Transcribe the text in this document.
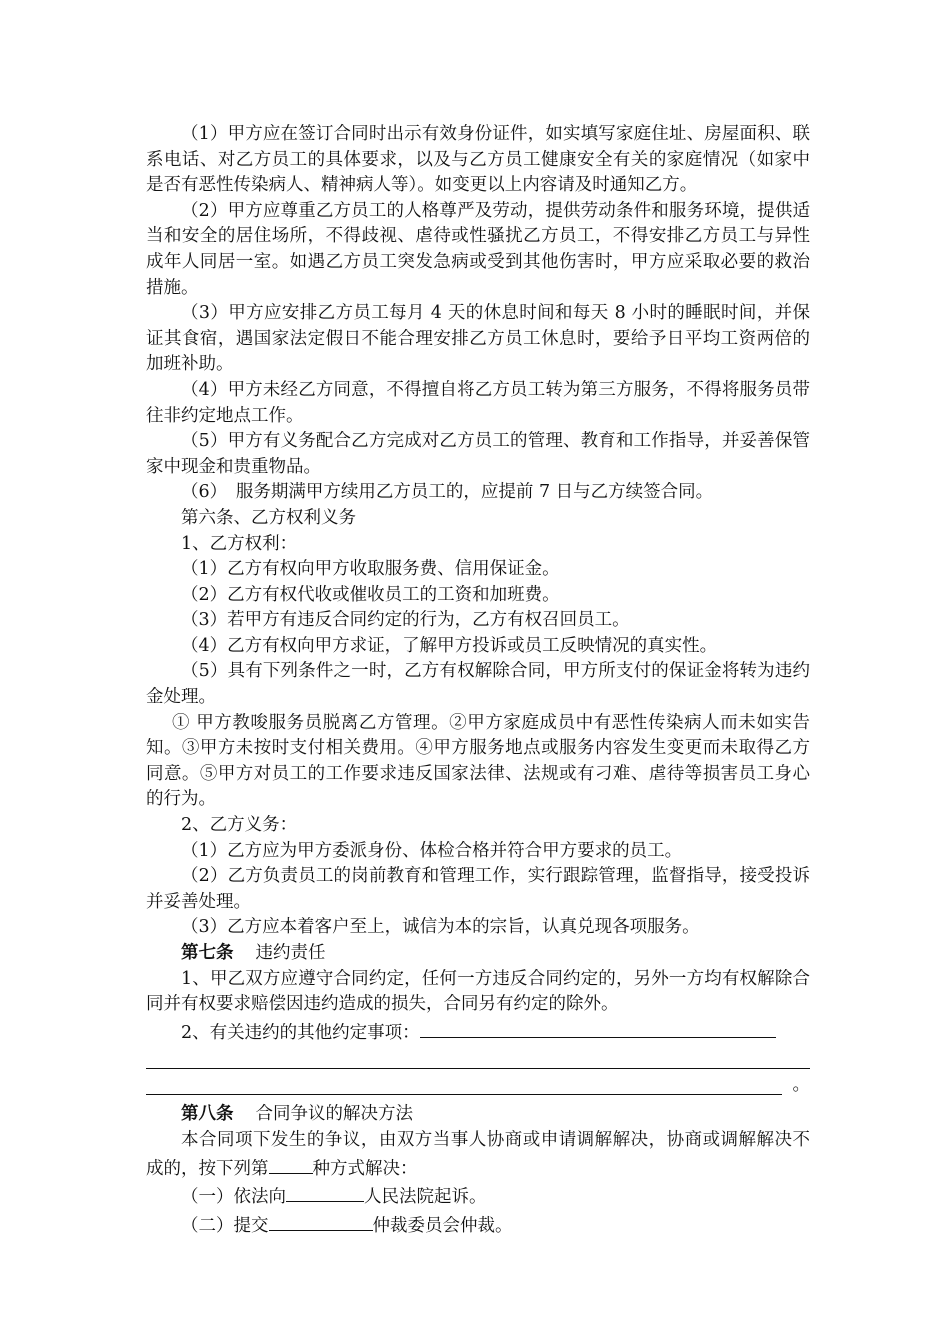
（1）甲方应在签订合同时出示有效身份证件，如实填写家庭住址、房屋面积、联系电话、对乙方员工的具体要求，以及与乙方员工健康安全有关的家庭情况（如家中是否有恶性传染病人、精神病人等）。如变更以上内容请及时通知乙方。

（2）甲方应尊重乙方员工的人格尊严及劳动，提供劳动条件和服务环境，提供适当和安全的居住场所，不得歧视、虐待或性骚扰乙方员工，不得安排乙方员工与异性成年人同居一室。如遇乙方员工突发急病或受到其他伤害时，甲方应采取必要的救治措施。

（3）甲方应安排乙方员工每月 4 天的休息时间和每天 8 小时的睡眠时间，并保证其食宿，遇国家法定假日不能合理安排乙方员工休息时，要给予日平均工资两倍的加班补助。

（4）甲方未经乙方同意，不得擅自将乙方员工转为第三方服务，不得将服务员带往非约定地点工作。

（5）甲方有义务配合乙方完成对乙方员工的管理、教育和工作指导，并妥善保管家中现金和贵重物品。

（6）　服务期满甲方续用乙方员工的，应提前 7 日与乙方续签合同。

第六条、乙方权利义务

1、乙方权利：

（1）乙方有权向甲方收取服务费、信用保证金。

（2）乙方有权代收或催收员工的工资和加班费。

（3）若甲方有违反合同约定的行为，乙方有权召回员工。

（4）乙方有权向甲方求证，了解甲方投诉或员工反映情况的真实性。

（5）具有下列条件之一时，乙方有权解除合同，甲方所支付的保证金将转为违约金处理。

① 甲方教唆服务员脱离乙方管理。②甲方家庭成员中有恶性传染病人而未如实告知。③甲方未按时支付相关费用。④甲方服务地点或服务内容发生变更而未取得乙方同意。⑤甲方对员工的工作要求违反国家法律、法规或有刁难、虐待等损害员工身心的行为。

2、乙方义务：

（1）乙方应为甲方委派身份、体检合格并符合甲方要求的员工。

（2）乙方负责员工的岗前教育和管理工作，实行跟踪管理，监督指导，接受投诉并妥善处理。

（3）乙方应本着客户至上，诚信为本的宗旨，认真兑现各项服务。

第七条 违约责任

1、甲乙双方应遵守合同约定，任何一方违反合同约定的，另外一方均有权解除合同并有权要求赔偿因违约造成的损失，合同另有约定的除外。

2、有关违约的其他约定事项：

。

第八条 合同争议的解决方法

本合同项下发生的争议，由双方当事人协商或申请调解解决，协商或调解解决不成的，按下列第	种方式解决：

（一）依法向	人民法院起诉。

（二）提交	仲裁委员会仲裁。
